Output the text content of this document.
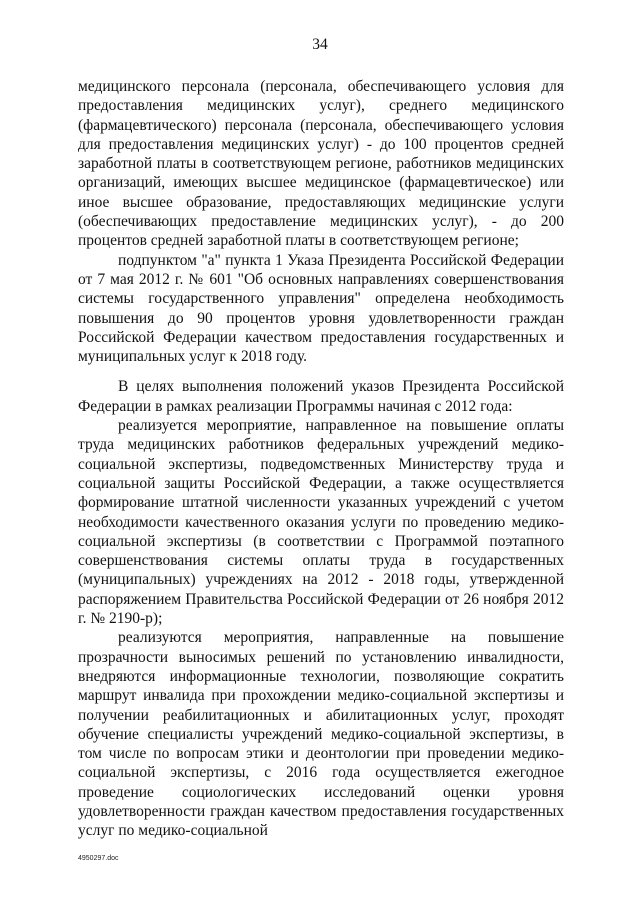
34

медицинского персонала (персонала, обеспечивающего условия для предоставления медицинских услуг), среднего медицинского (фармацевтического) персонала (персонала, обеспечивающего условия для предоставления медицинских услуг) - до 100 процентов средней заработной платы в соответствующем регионе, работников медицинских организаций, имеющих высшее медицинское (фармацевтическое) или иное высшее образование, предоставляющих медицинские услуги (обеспечивающих предоставление медицинских услуг), - до 200 процентов средней заработной платы в соответствующем регионе;

подпунктом "а" пункта 1 Указа Президента Российской Федерации от 7 мая 2012 г. № 601 "Об основных направлениях совершенствования системы государственного управления" определена необходимость повышения до 90 процентов уровня удовлетворенности граждан Российской Федерации качеством предоставления государственных и муниципальных услуг к 2018 году.

В целях выполнения положений указов Президента Российской Федерации в рамках реализации Программы начиная с 2012 года:

реализуется мероприятие, направленное на повышение оплаты труда медицинских работников федеральных учреждений медико-социальной экспертизы, подведомственных Министерству труда и социальной защиты Российской Федерации, а также осуществляется формирование штатной численности указанных учреждений с учетом необходимости качественного оказания услуги по проведению медико-социальной экспертизы (в соответствии с Программой поэтапного совершенствования системы оплаты труда в государственных (муниципальных) учреждениях на 2012 - 2018 годы, утвержденной распоряжением Правительства Российской Федерации от 26 ноября 2012 г. № 2190-р);

реализуются мероприятия, направленные на повышение прозрачности выносимых решений по установлению инвалидности, внедряются информационные технологии, позволяющие сократить маршрут инвалида при прохождении медико-социальной экспертизы и получении реабилитационных и абилитационных услуг, проходят обучение специалисты учреждений медико-социальной экспертизы, в том числе по вопросам этики и деонтологии при проведении медико-социальной экспертизы, с 2016 года осуществляется ежегодное проведение социологических исследований оценки уровня удовлетворенности граждан качеством предоставления государственных услуг по медико-социальной

4950297.doc
